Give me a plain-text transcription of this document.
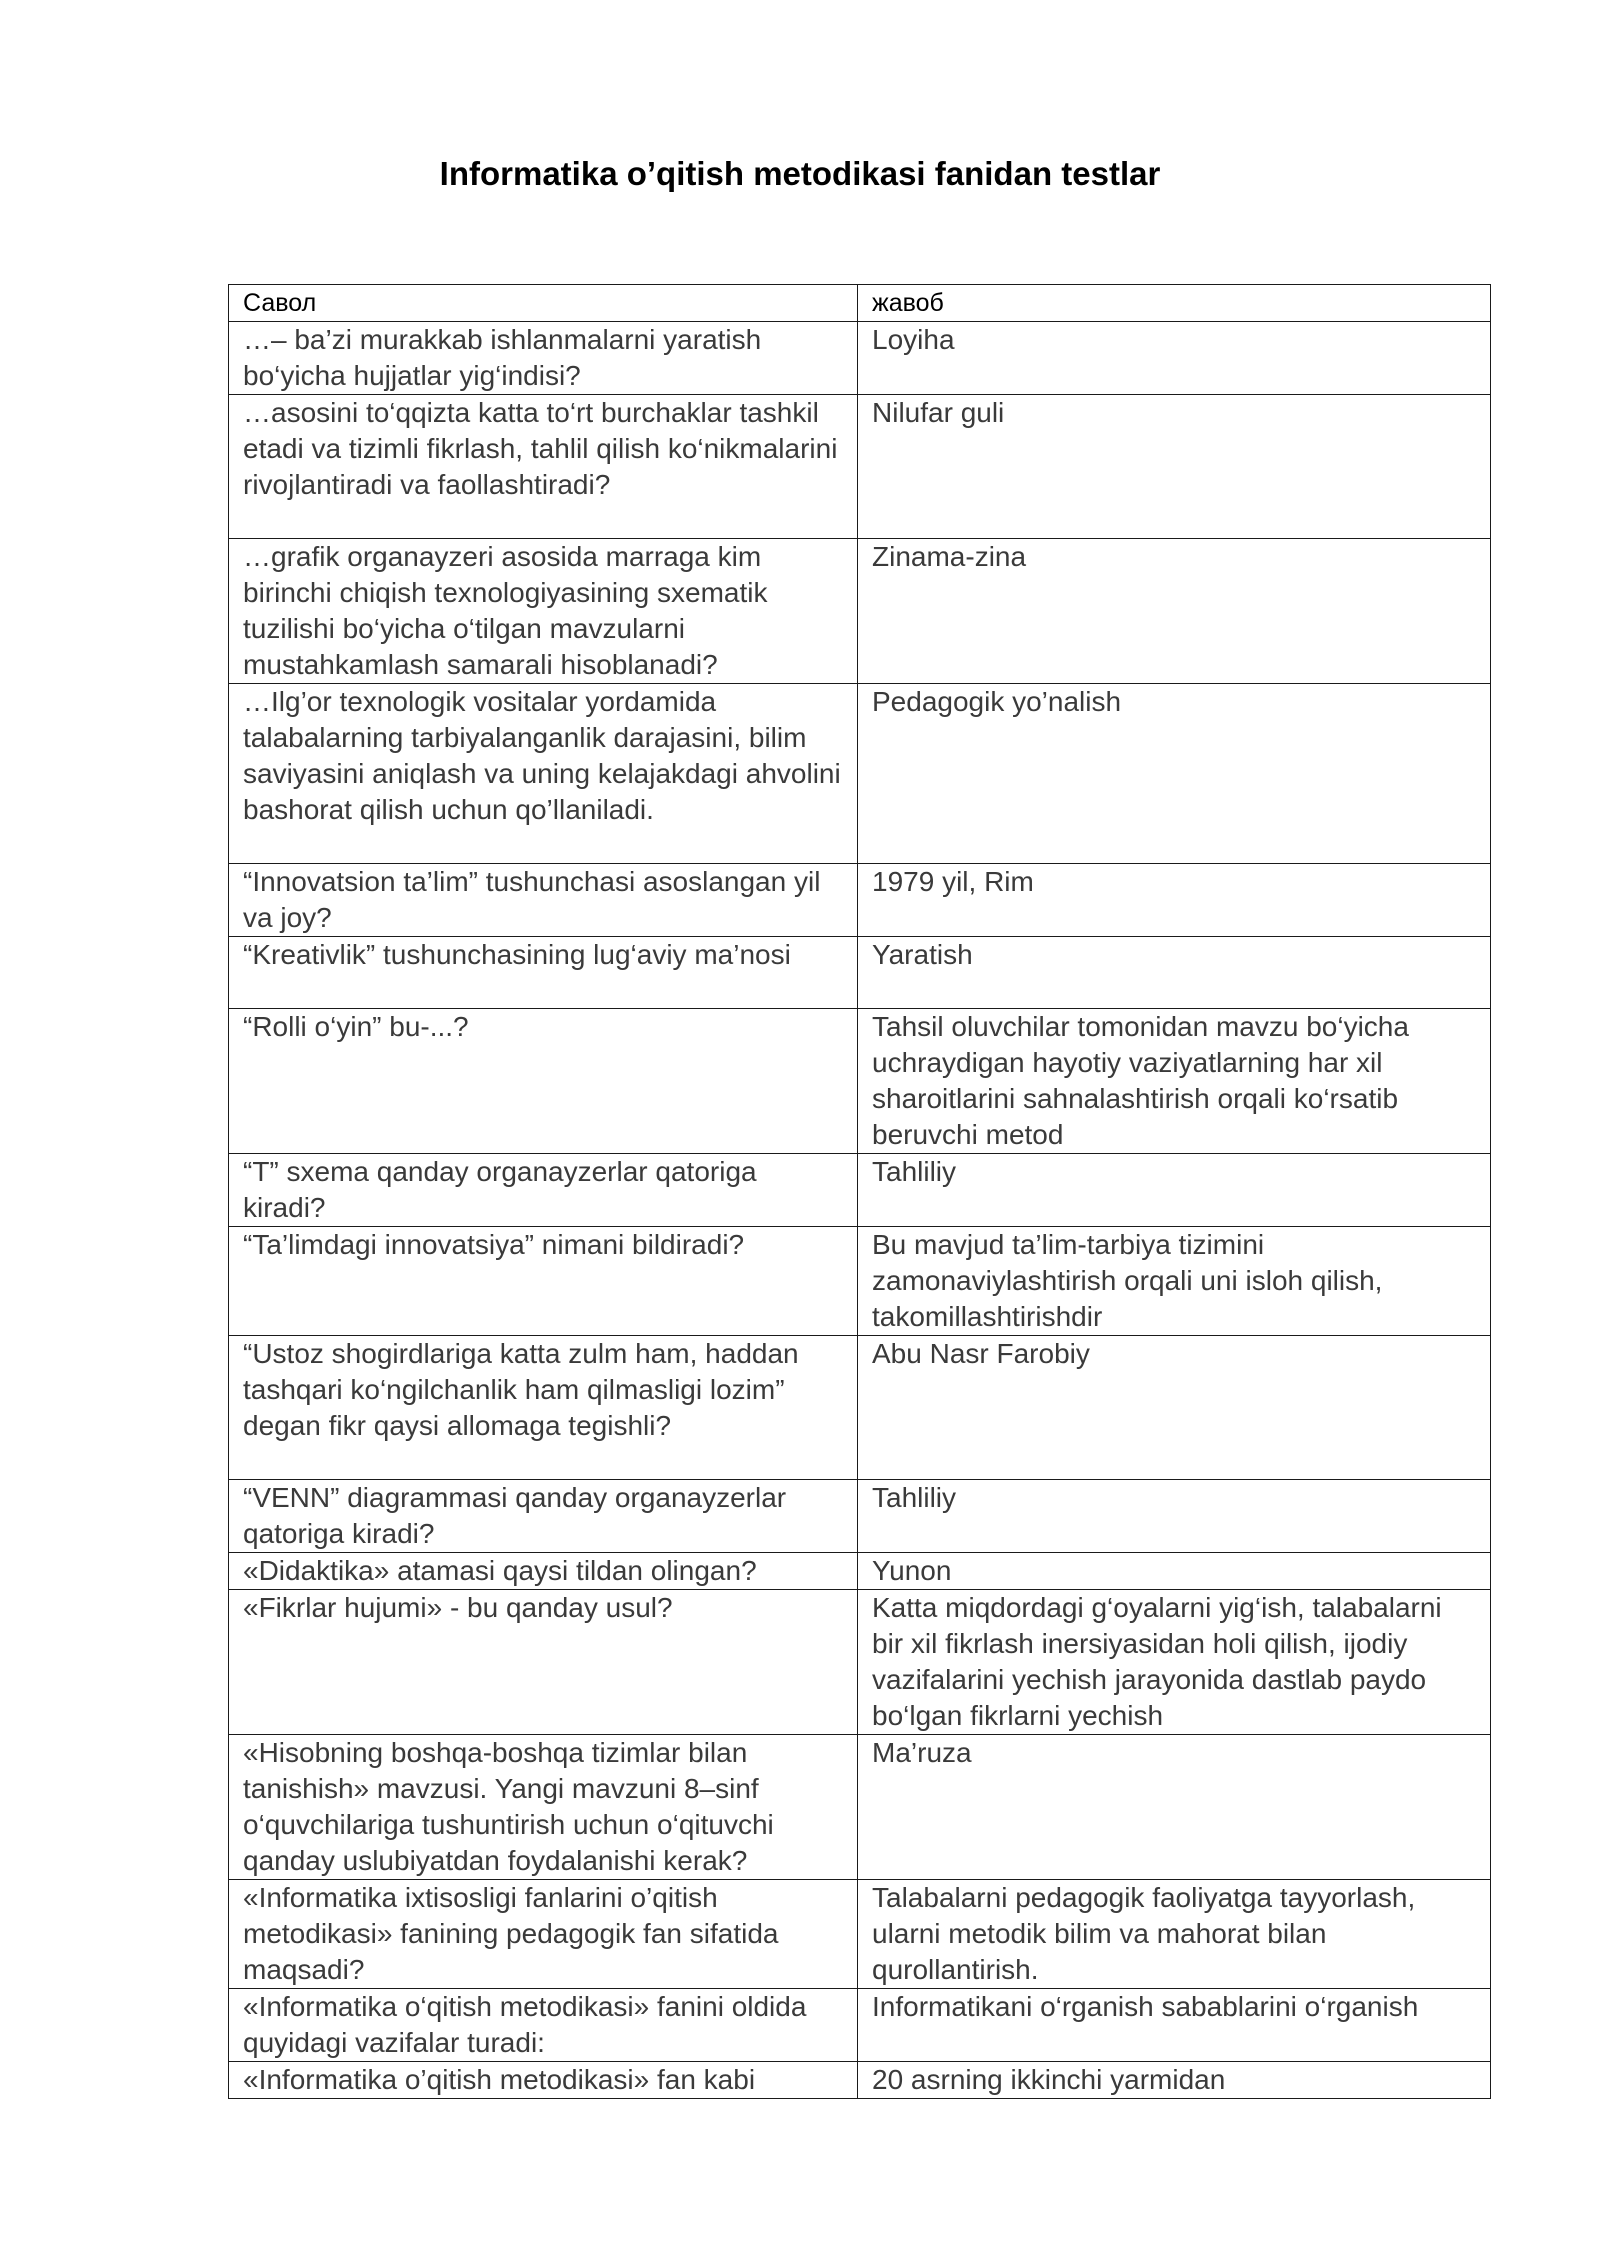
Informatika o’qitish metodikasi fanidan testlar
Савол	жавоб
…– ba’zi murakkab ishlanmalarni yaratish bo‘yicha hujjatlar yig‘indisi?	Loyiha
…asosini to‘qqizta katta to‘rt burchaklar tashkil etadi va tizimli fikrlash, tahlil qilish ko‘nikmalarini rivojlantiradi va faollashtiradi?	Nilufar guli
…grafik organayzeri asosida marraga kim birinchi chiqish texnologiyasining sxematik tuzilishi bo‘yicha o‘tilgan mavzularni mustahkamlash samarali hisoblanadi?	Zinama-zina
…Ilg’or texnologik vositalar yordamida talabalarning tarbiyalanganlik darajasini, bilim saviyasini aniqlash va uning kelajakdagi ahvolini bashorat qilish uchun qo’llaniladi.	Pedagogik yo’nalish
“Innovatsion ta’lim” tushunchasi asoslangan yil va joy?	1979 yil, Rim
“Kreativlik” tushunchasining lug‘aviy ma’nosi	Yaratish
“Rolli o‘yin” bu-...?	Tahsil oluvchilar tomonidan mavzu bo‘yicha uchraydigan hayotiy vaziyatlarning har xil sharoitlarini sahnalashtirish orqali ko‘rsatib beruvchi metod
“T” sxema qanday organayzerlar qatoriga kiradi?	Tahliliy
“Ta’limdagi innovatsiya” nimani bildiradi?	Bu mavjud ta’lim-tarbiya tizimini zamonaviylashtirish orqali uni isloh qilish, takomillashtirishdir
“Ustoz shogirdlariga katta zulm ham, haddan tashqari ko‘ngilchanlik ham qilmasligi lozim” degan fikr qaysi allomaga tegishli?	Abu Nasr Farobiy
“VENN” diagrammasi qanday organayzerlar qatoriga kiradi?	Tahliliy
«Didaktika» atamasi qaysi tildan olingan?	Yunon
«Fikrlar hujumi» - bu qanday usul?	Katta miqdordagi g‘oyalarni yig‘ish, talabalarni bir xil fikrlash inersiyasidan holi qilish, ijodiy vazifalarini yechish jarayonida dastlab paydo bo‘lgan fikrlarni yechish
«Hisobning boshqa-boshqa tizimlar bilan tanishish» mavzusi. Yangi mavzuni 8–sinf o‘quvchilariga tushuntirish uchun o‘qituvchi qanday uslubiyatdan foydalanishi kerak?	Ma’ruza
«Informatika ixtisosligi fanlarini o’qitish metodikasi» fanining pedagogik fan sifatida maqsadi?	Talabalarni pedagogik faoliyatga tayyorlash, ularni metodik bilim va mahorat bilan qurollantirish.
«Informatika o‘qitish metodikasi» fanini oldida quyidagi vazifalar turadi:	Informatikani o‘rganish sabablarini o‘rganish
«Informatika o’qitish metodikasi» fan kabi	20 asrning ikkinchi yarmidan
